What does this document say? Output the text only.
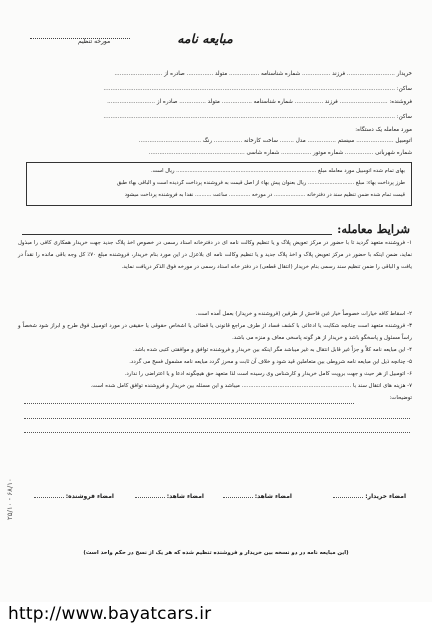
مبایعه نامه
مورخه تنظیم
خریدار ........................... فرزند ................ شماره شناسنامه ................. متولد ............... صادره از ...........................
ساکن: ....................................................................................................................................................................
فروشنده: ........................... فرزند ................ شماره شناسنامه ................. متولد ............... صادره از ...........................
ساکن: ....................................................................................................................................................................
مورد معامله یک دستگاه:
اتومبیل ..................... سیستم ................ مدل ........ ساخت کارخانه ................ رنگ ...................................
شماره شهربانی ................ شماره موتور ................. شماره شاسی ......................................................
بهای تمام شده اتومبیل مورد معامله مبلغ ..................................................................................... ریال است.
طرز پرداخت بهاء: مبلغ ............................ ریال بعنوان پیش بهاء از اصل قیمت به فروشنده پرداخت گردیده است و الباقی بهاء طبق
قیمت تمام شده ضمن تنظیم سند در دفترخانه ................... در مورخه ............. ساعت .......... نقداً به فروشنده پرداخت میشود
شرایط معامله:
۱- فروشنده متعهد گردید تا با حضور در مرکز تعویض پلاک و یا تنظیم وکالت نامه ای در دفترخانه اسناد رسمی در خصوص اخذ پلاک جدید جهت خریدار همکاری کافی را مبذول نماید، ضمن اینکه با حضور در مرکز تعویض پلاک و اخذ پلاک جدید و یا تنظیم وکالت نامه ای بلاعزل در این مورد بنام خریدار، فروشنده مبلغ ۷۰٪ کل وجه باقی مانده را نقداً در یافت و الباقی را ضمن تنظیم سند رسمی بنام خریدار (انتقال قطعی) در دفتر خانه اسناد رسمی در مورخه فوق الذکر دریافت نماید.
۲- اسقاط کافه خیارات خصوصاً خیار غبن فاحش از طرفین (فروشنده و خریدار) بعمل آمده است.
۳- فروشنده متعهد است چنانچه شکایت یا ادعائی با کشف فساد از طرف مراجع قانونی یا قضائی یا اشخاص حقوقی یا حقیقی در مورد اتومبیل فوق طرح و ابراز شود شخصاً و راساً مسئول و پاسخگو باشد و خریدار از هر گونه پاسخی معاف و منزه می باشد.
۴- این مبایعه نامه کلاً و جزاً غیر قابل انتقال به غیر میباشد مگر اینکه بین خریدار و فروشنده توافق و موافقتی کتبی شده باشد.
۵- چنانچه ذیل این مبایعه نامه شروطی بین متعاملین قید شود و خلاف آن ثابت و محرز گردد مبایعه نامه مشمول فسخ می گردد.
۶- اتومبیل از هر حیث و جهت برویت کامل خریدار و کارشناس وی رسیده است لذا متعهد حق هیچگونه ادعا و یا اعتراضی را ندارد.
۷- هزینه های انتقال سند با ................................................................ میباشد و این مسئله بین خریدار و فروشنده توافق کامل شده است.
توضیحات:
امضاء خریدار:
امضاء شاهد:
امضاء شاهد:
امضاء فروشنده:
۲۵/۱۰ - ۶۸/۱۰
(این مبایعه نامه در دو نسخه بین خریدار و فروشنده تنظیم شده که هر یک از نسخ در حکم واحد است)
http://www.bayatcars.ir
